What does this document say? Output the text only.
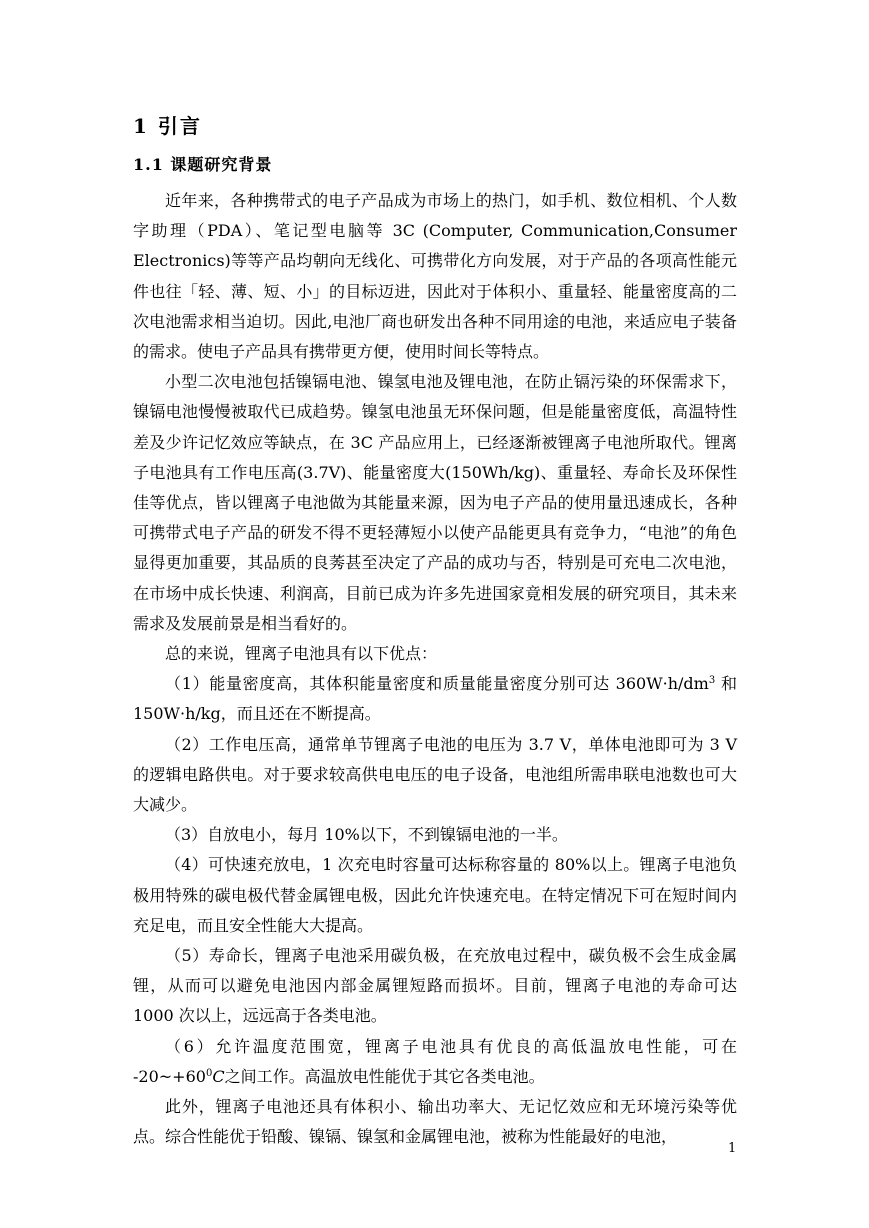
1 引言
1.1 课题研究背景

近年来，各种携带式的电子产品成为市场上的热门，如手机、数位相机、个人数字助理（PDA）、笔记型电脑等 3C (Computer, Communication,Consumer Electronics)等等产品均朝向无线化、可携带化方向发展，对于产品的各项高性能元件也往「轻、薄、短、小」的目标迈进，因此对于体积小、重量轻、能量密度高的二次电池需求相当迫切。因此,电池厂商也研发出各种不同用途的电池，来适应电子装备的需求。使电子产品具有携带更方便，使用时间长等特点。

小型二次电池包括镍镉电池、镍氢电池及锂电池，在防止镉污染的环保需求下，镍镉电池慢慢被取代已成趋势。镍氢电池虽无环保问题，但是能量密度低，高温特性差及少许记忆效应等缺点，在 3C 产品应用上，已经逐渐被锂离子电池所取代。锂离子电池具有工作电压高(3.7V)、能量密度大(150Wh/kg)、重量轻、寿命长及环保性佳等优点，皆以锂离子电池做为其能量来源，因为电子产品的使用量迅速成长，各种可携带式电子产品的研发不得不更轻薄短小以使产品能更具有竞争力，“电池”的角色显得更加重要，其品质的良莠甚至决定了产品的成功与否，特别是可充电二次电池，在市场中成长快速、利润高，目前已成为许多先进国家竟相发展的研究项目，其未来需求及发展前景是相当看好的。

总的来说，锂离子电池具有以下优点：

（1）能量密度高，其体积能量密度和质量能量密度分别可达 $360W\cdot h/dm^3$ 和 150W·h/kg，而且还在不断提高。

（2）工作电压高，通常单节锂离子电池的电压为 3.7 V，单体电池即可为 3 V 的逻辑电路供电。对于要求较高供电电压的电子设备，电池组所需串联电池数也可大大减少。

（3）自放电小，每月 10%以下，不到镍镉电池的一半。

（4）可快速充放电，1 次充电时容量可达标称容量的 80%以上。锂离子电池负极用特殊的碳电极代替金属锂电极，因此允许快速充电。在特定情况下可在短时间内充足电，而且安全性能大大提高。

（5）寿命长，锂离子电池采用碳负极，在充放电过程中，碳负极不会生成金属锂，从而可以避免电池因内部金属锂短路而损坏。目前，锂离子电池的寿命可达 1000 次以上，远远高于各类电池。

（6）允许温度范围宽，锂离子电池具有优良的高低温放电性能，可在 $-20\sim+60^0C$之间工作。高温放电性能优于其它各类电池。

此外，锂离子电池还具有体积小、输出功率大、无记忆效应和无环境污染等优点。综合性能优于铅酸、镍镉、镍氢和金属锂电池，被称为性能最好的电池，

1
